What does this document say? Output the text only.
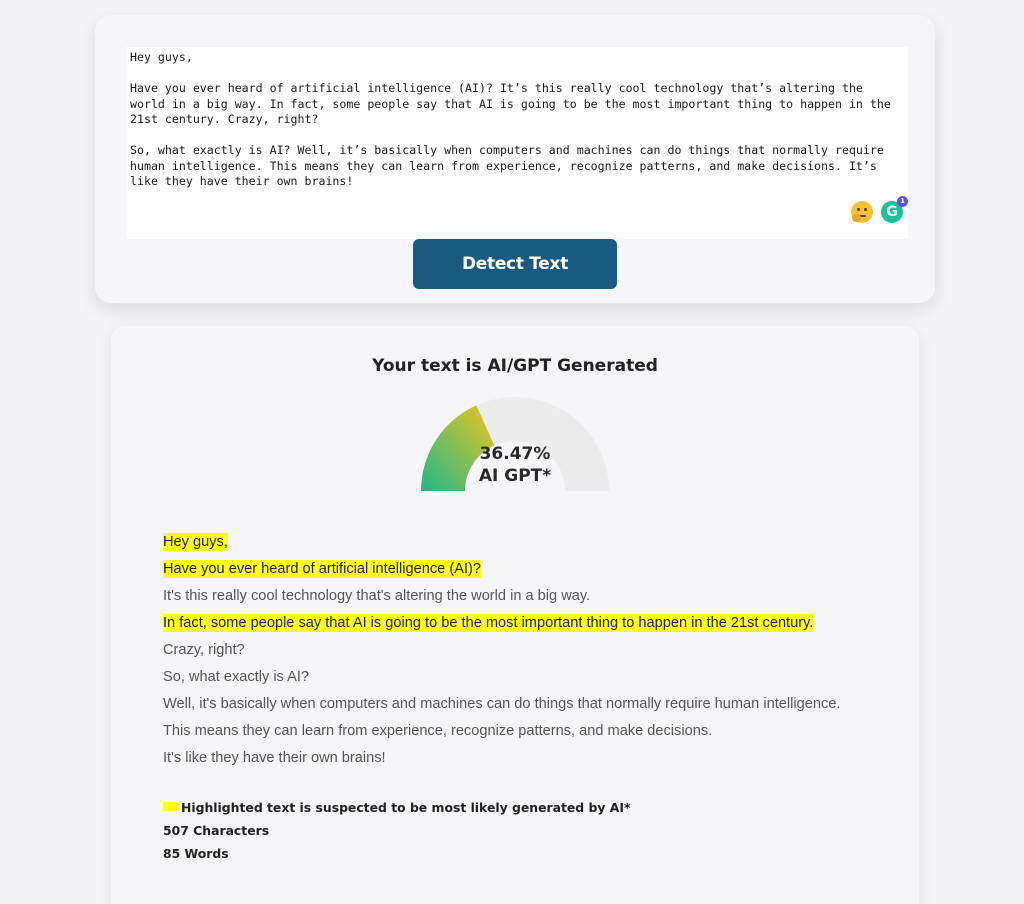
Hey guys, Have you ever heard of artificial intelligence (AI)? It’s this really cool technology that’s altering the world in a big way. In fact, some people say that AI is going to be the most important thing to happen in the 21st century. Crazy, right? So, what exactly is AI? Well, it’s basically when computers and machines can do things that normally require human intelligence. This means they can learn from experience, recognize patterns, and make decisions. It’s like they have their own brains!
G
1
Detect Text
Your text is AI/GPT Generated
36.47%
AI GPT*
Hey guys,
Have you ever heard of artificial intelligence (AI)?
It's this really cool technology that's altering the world in a big way.
In fact, some people say that AI is going to be the most important thing to happen in the 21st century.
Crazy, right?
So, what exactly is AI?
Well, it's basically when computers and machines can do things that normally require human intelligence.
This means they can learn from experience, recognize patterns, and make decisions.
It's like they have their own brains!
Highlighted text is suspected to be most likely generated by AI*
507 Characters
85 Words
